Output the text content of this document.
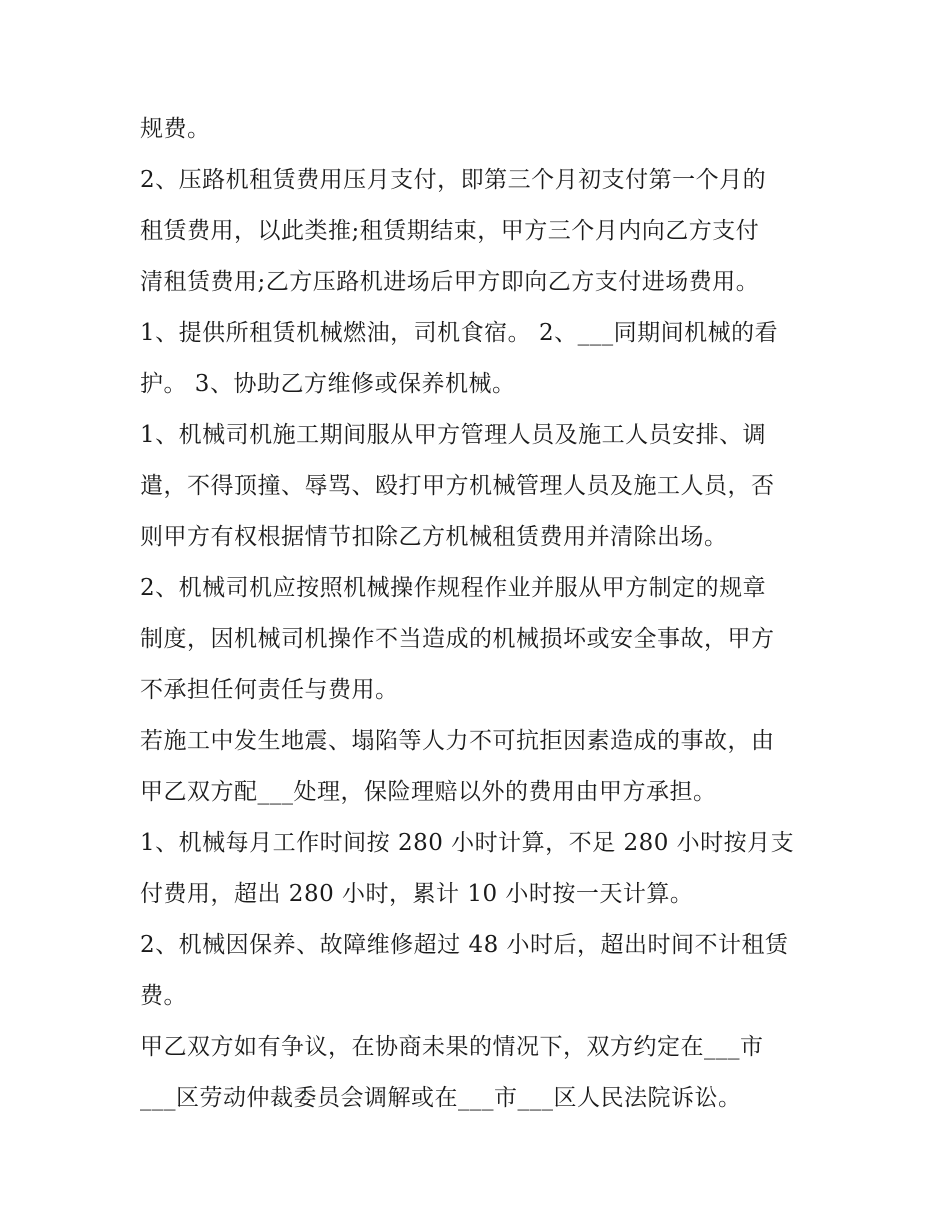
规费。
2、压路机租赁费用压月支付，即第三个月初支付第一个月的
租赁费用，以此类推;租赁期结束，甲方三个月内向乙方支付
清租赁费用;乙方压路机进场后甲方即向乙方支付进场费用。
1、提供所租赁机械燃油，司机食宿。 2、___同期间机械的看
护。 3、协助乙方维修或保养机械。
1、机械司机施工期间服从甲方管理人员及施工人员安排、调
遣，不得顶撞、辱骂、殴打甲方机械管理人员及施工人员，否
则甲方有权根据情节扣除乙方机械租赁费用并清除出场。
2、机械司机应按照机械操作规程作业并服从甲方制定的规章
制度，因机械司机操作不当造成的机械损坏或安全事故，甲方
不承担任何责任与费用。
若施工中发生地震、塌陷等人力不可抗拒因素造成的事故，由
甲乙双方配___处理，保险理赔以外的费用由甲方承担。
1、机械每月工作时间按 280 小时计算，不足 280 小时按月支
付费用，超出 280 小时，累计 10 小时按一天计算。
2、机械因保养、故障维修超过 48 小时后，超出时间不计租赁
费。
甲乙双方如有争议，在协商未果的情况下，双方约定在___市
___区劳动仲裁委员会调解或在___市___区人民法院诉讼。
